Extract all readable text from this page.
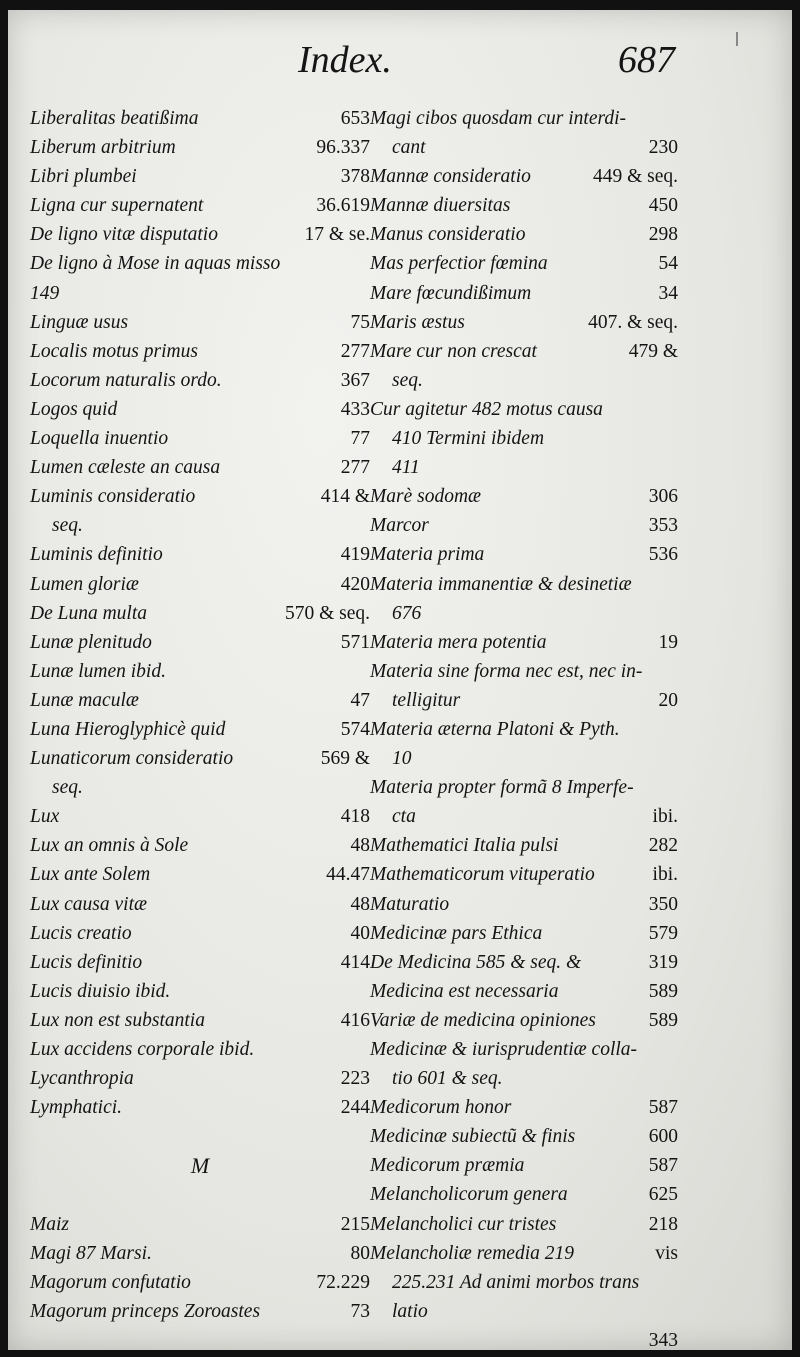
Index.	687
Liberalitas beatißima	653
Liberum arbitrium	96.337
Libri plumbei	378
Ligna cur supernatent	36.619
De ligno vitæ disputatio	17 & se.
De ligno à Mose in aquas misso
149
Linguæ usus	75
Localis motus primus	277
Locorum naturalis ordo.	367
Logos quid	433
Loquella inuentio	77
Lumen cæleste an causa	277
Luminis consideratio	414 &
seq.
Luminis definitio	419
Lumen gloriæ	420
De Luna multa	570 & seq.
Lunæ plenitudo	571
Lunæ lumen ibid.
Lunæ maculæ	47
Luna Hieroglyphicè quid	574
Lunaticorum consideratio	569 &
seq.
Lux	418
Lux an omnis à Sole	48
Lux ante Solem	44.47
Lux causa vitæ	48
Lucis creatio	40
Lucis definitio	414
Lucis diuisio ibid.
Lux non est substantia	416
Lux accidens corporale ibid.
Lycanthropia	223
Lymphatici.	244
M
Maiz	215
Magi 87 Marsi.	80
Magorum confutatio	72.229
Magorum princeps Zoroastes	73
Magi cibos quosdam cur interdi-
cant	230
Mannæ consideratio	449 & seq.
Mannæ diuersitas	450
Manus consideratio	298
Mas perfectior fœmina	54
Mare fœcundißimum	34
Maris æstus	407. & seq.
Mare cur non crescat	479 &
seq.
Cur agitetur 482 motus causa
410 Termini ibidem
411
Marè sodomæ	306
Marcor	353
Materia prima	536
Materia immanentiæ & desinetiæ
676
Materia mera potentia	19
Materia sine forma nec est, nec in-
telligitur	20
Materia æterna Platoni & Pyth.
10
Materia propter formã 8 Imperfe-
cta	ibi.
Mathematici Italia pulsi	282
Mathematicorum vituperatio	ibi.
Maturatio	350
Medicinæ pars Ethica	579
De Medicina 585 & seq. &	319
Medicina est necessaria	589
Variæ de medicina opiniones	589
Medicinæ & iurisprudentiæ colla-
tio 601 & seq.
Medicorum honor	587
Medicinæ subiectũ & finis	600
Medicorum præmia	587
Melancholicorum genera	625
Melancholici cur tristes	218
Melancholiæ remedia 219	vis
225.231 Ad animi morbos trans
latio
343
